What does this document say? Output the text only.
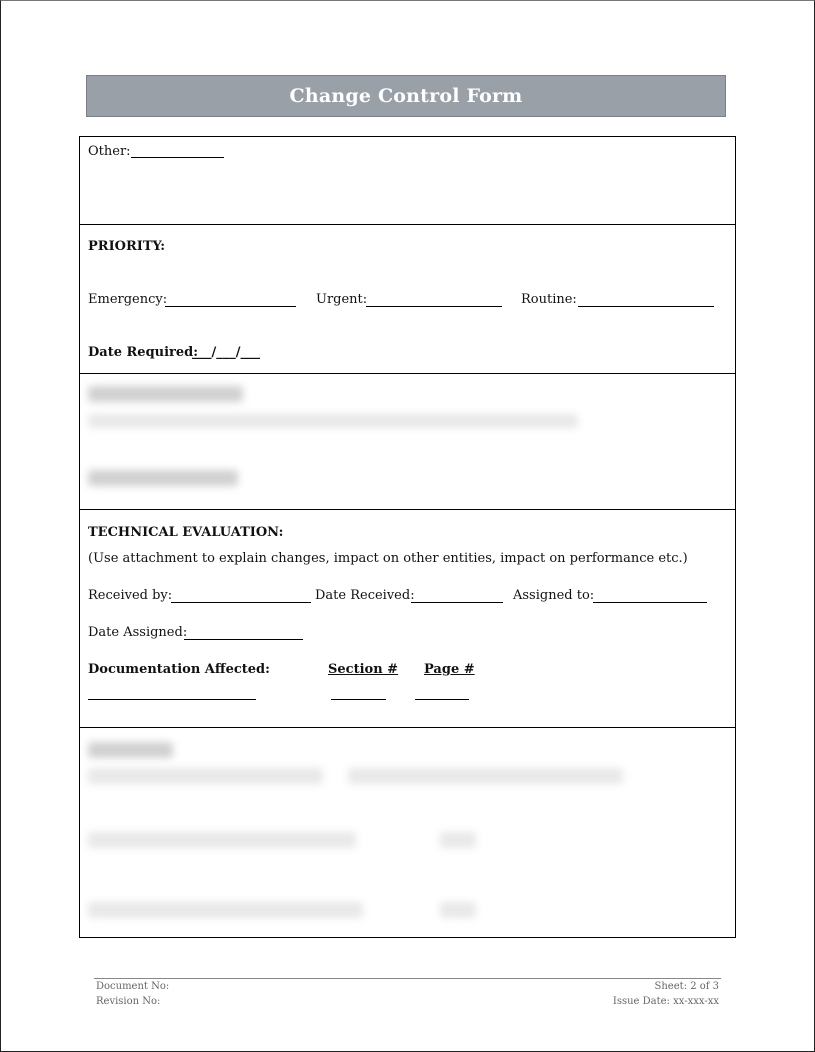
Change Control Form
Other:
PRIORITY:
Emergency:	Urgent:	Routine:
Date Required:
___/___/___
TECHNICAL EVALUATION:
(Use attachment to explain changes, impact on other entities, impact on performance etc.)
Received by:	Date Received:	Assigned to:
Date Assigned:
Documentation Affected:	Section # Page #
Document No:
Revision No:
Sheet: 2 of 3
Issue Date: xx-xxx-xx
